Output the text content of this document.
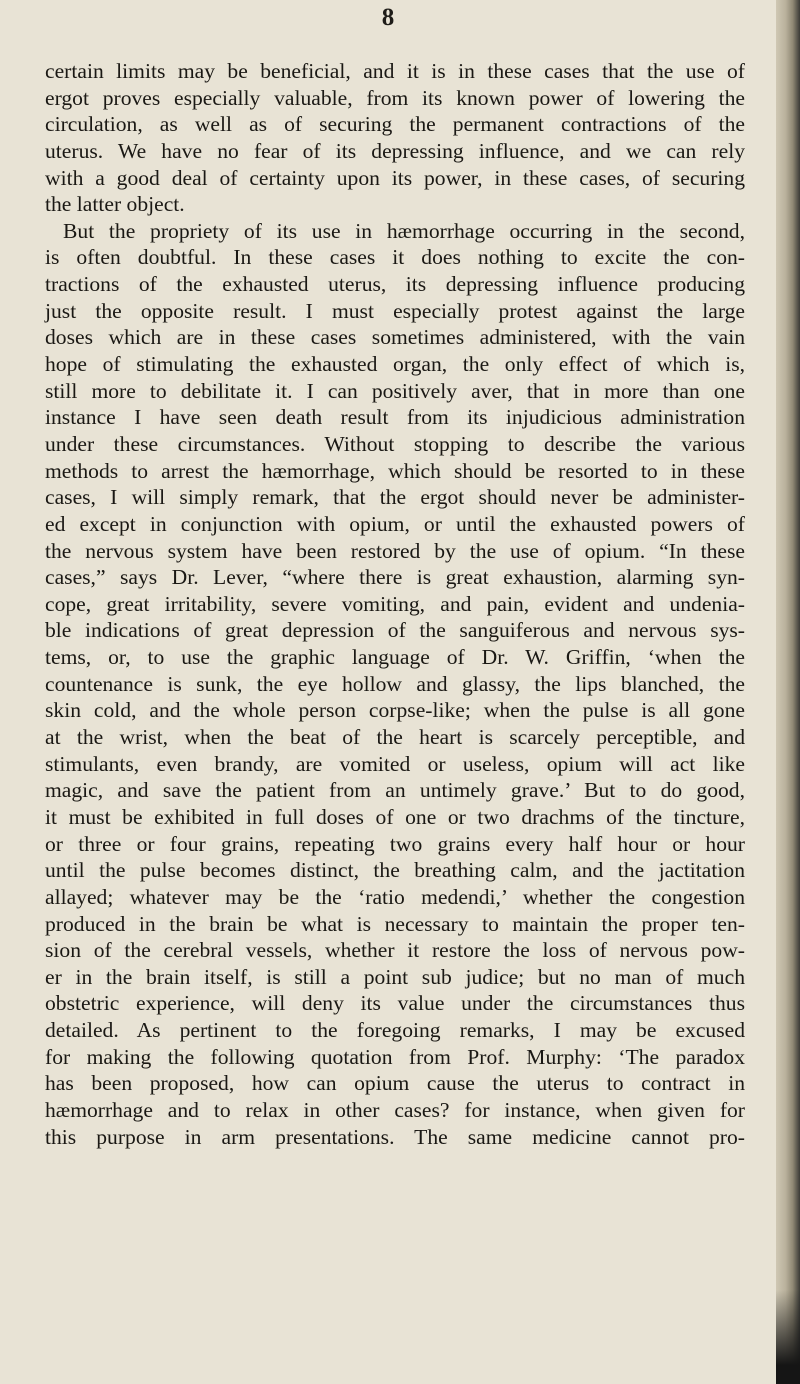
8
certain limits may be beneficial, and it is in these cases that the use of
ergot proves especially valuable, from its known power of lowering the
circulation, as well as of securing the permanent contractions of the
uterus. We have no fear of its depressing influence, and we can rely
with a good deal of certainty upon its power, in these cases, of securing
the latter object.
But the propriety of its use in hæmorrhage occurring in the second,
is often doubtful. In these cases it does nothing to excite the con-
tractions of the exhausted uterus, its depressing influence producing
just the opposite result. I must especially protest against the large
doses which are in these cases sometimes administered, with the vain
hope of stimulating the exhausted organ, the only effect of which is,
still more to debilitate it. I can positively aver, that in more than one
instance I have seen death result from its injudicious administration
under these circumstances. Without stopping to describe the various
methods to arrest the hæmorrhage, which should be resorted to in these
cases, I will simply remark, that the ergot should never be administer-
ed except in conjunction with opium, or until the exhausted powers of
the nervous system have been restored by the use of opium. “In these
cases,” says Dr. Lever, “where there is great exhaustion, alarming syn-
cope, great irritability, severe vomiting, and pain, evident and undenia-
ble indications of great depression of the sanguiferous and nervous sys-
tems, or, to use the graphic language of Dr. W. Griffin, ‘when the
countenance is sunk, the eye hollow and glassy, the lips blanched, the
skin cold, and the whole person corpse-like; when the pulse is all gone
at the wrist, when the beat of the heart is scarcely perceptible, and
stimulants, even brandy, are vomited or useless, opium will act like
magic, and save the patient from an untimely grave.’ But to do good,
it must be exhibited in full doses of one or two drachms of the tincture,
or three or four grains, repeating two grains every half hour or hour
until the pulse becomes distinct, the breathing calm, and the jactitation
allayed; whatever may be the ‘ratio medendi,’ whether the congestion
produced in the brain be what is necessary to maintain the proper ten-
sion of the cerebral vessels, whether it restore the loss of nervous pow-
er in the brain itself, is still a point sub judice; but no man of much
obstetric experience, will deny its value under the circumstances thus
detailed. As pertinent to the foregoing remarks, I may be excused
for making the following quotation from Prof. Murphy: ‘The paradox
has been proposed, how can opium cause the uterus to contract in
hæmorrhage and to relax in other cases? for instance, when given for
this purpose in arm presentations. The same medicine cannot pro-
